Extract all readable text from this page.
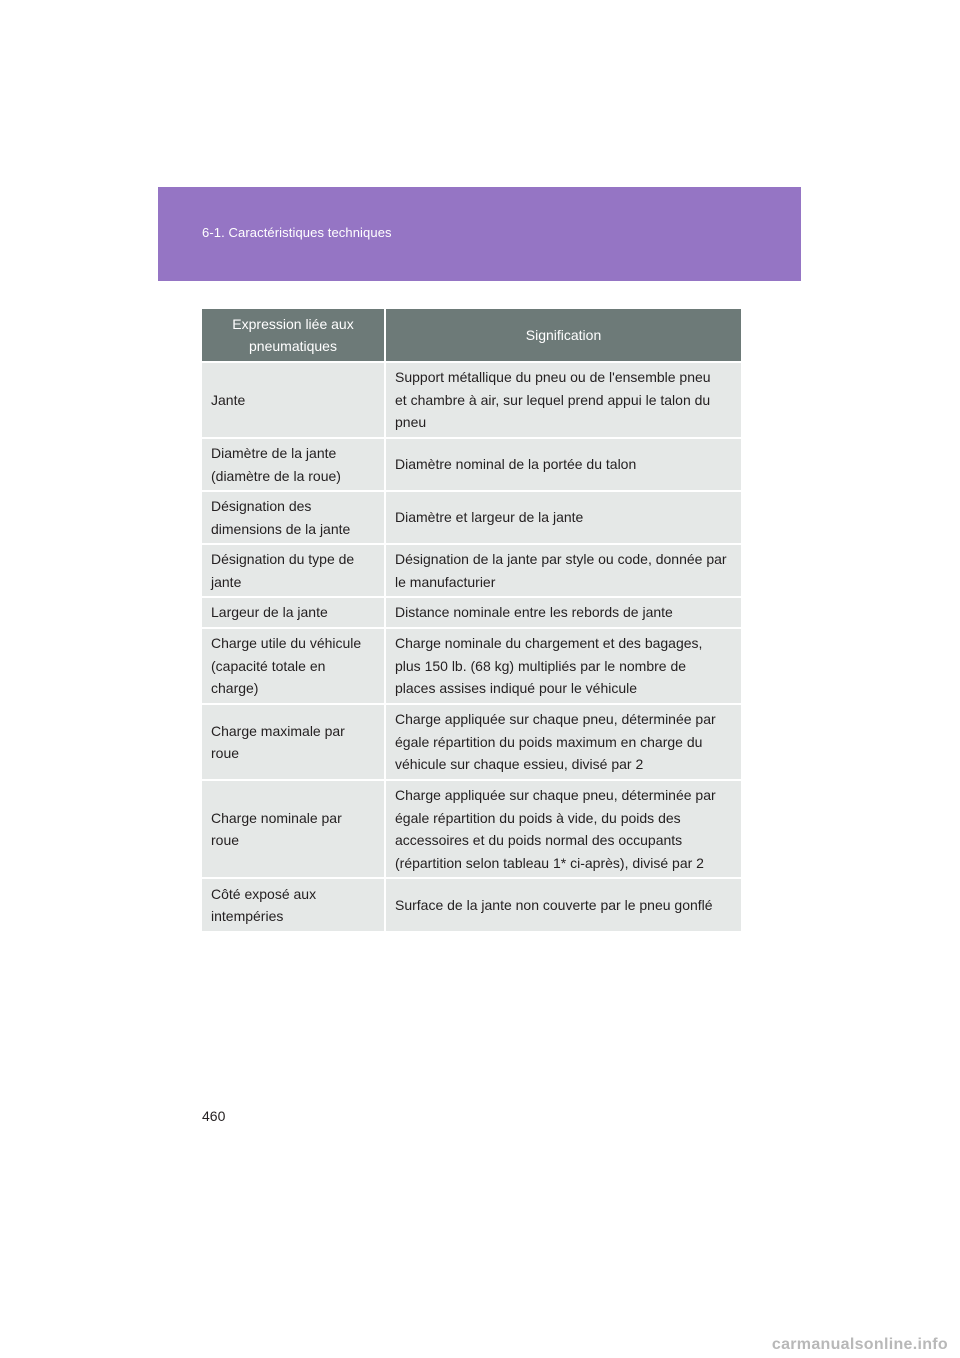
6-1. Caractéristiques techniques
Expression liée aux
pneumatiques	Signification
Jante	Support métallique du pneu ou de l'ensemble pneu
et chambre à air, sur lequel prend appui le talon du
pneu
Diamètre de la jante
(diamètre de la roue)	Diamètre nominal de la portée du talon
Désignation des
dimensions de la jante	Diamètre et largeur de la jante
Désignation du type de
jante	Désignation de la jante par style ou code, donnée par
le manufacturier
Largeur de la jante	Distance nominale entre les rebords de jante
Charge utile du véhicule
(capacité totale en
charge)	Charge nominale du chargement et des bagages,
plus 150 lb. (68 kg) multipliés par le nombre de
places assises indiqué pour le véhicule
Charge maximale par
roue	Charge appliquée sur chaque pneu, déterminée par
égale répartition du poids maximum en charge du
véhicule sur chaque essieu, divisé par 2
Charge nominale par
roue	Charge appliquée sur chaque pneu, déterminée par
égale répartition du poids à vide, du poids des
accessoires et du poids normal des occupants
(répartition selon tableau 1* ci-après), divisé par 2
Côté exposé aux
intempéries	Surface de la jante non couverte par le pneu gonflé
460
carmanualsonline.info
